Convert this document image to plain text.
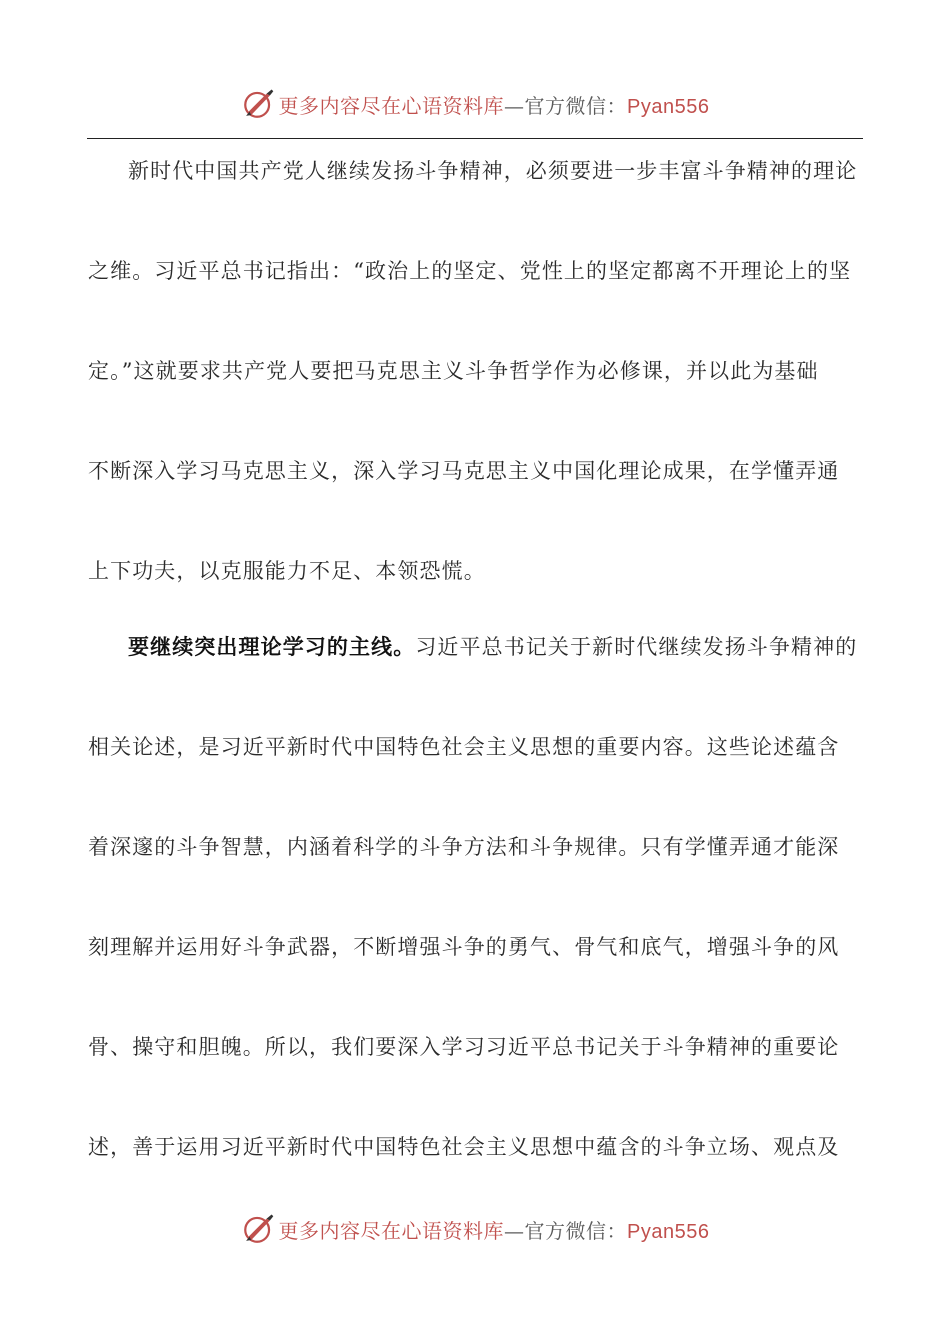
更多内容尽在心语资料库—官方微信：Pyan556
新时代中国共产党人继续发扬斗争精神，必须要进一步丰富斗争精神的理论
之维。习近平总书记指出：“政治上的坚定、党性上的坚定都离不开理论上的坚
定。”这就要求共产党人要把马克思主义斗争哲学作为必修课，并以此为基础
不断深入学习马克思主义，深入学习马克思主义中国化理论成果，在学懂弄通
上下功夫，以克服能力不足、本领恐慌。
要继续突出理论学习的主线。习近平总书记关于新时代继续发扬斗争精神的
相关论述，是习近平新时代中国特色社会主义思想的重要内容。这些论述蕴含
着深邃的斗争智慧，内涵着科学的斗争方法和斗争规律。只有学懂弄通才能深
刻理解并运用好斗争武器，不断增强斗争的勇气、骨气和底气，增强斗争的风
骨、操守和胆魄。所以，我们要深入学习习近平总书记关于斗争精神的重要论
述，善于运用习近平新时代中国特色社会主义思想中蕴含的斗争立场、观点及
更多内容尽在心语资料库—官方微信：Pyan556
